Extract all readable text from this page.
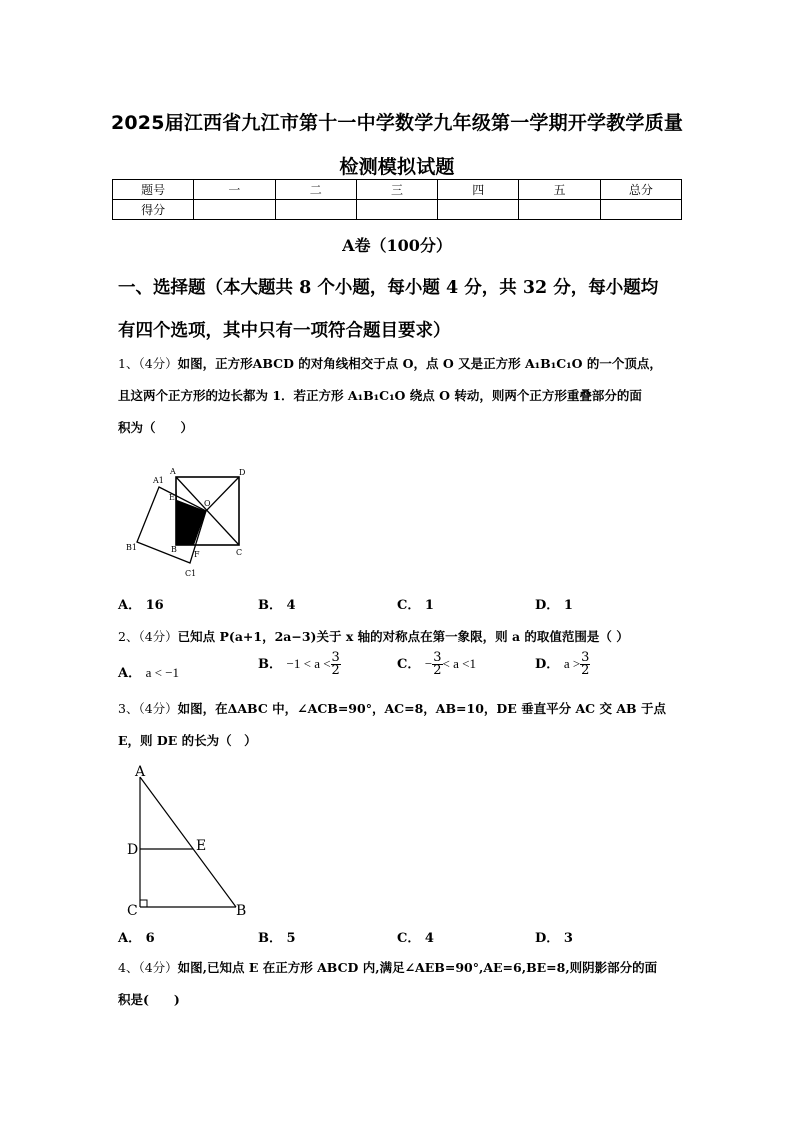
2025届江西省九江市第十一中学数学九年级第一学期开学教学质量
检测模拟试题
题号	一	二	三	四	五	总分
得分						
A卷（100分）
一、选择题（本大题共 8 个小题，每小题 4 分，共 32 分，每小题均
有四个选项，其中只有一项符合题目要求）
1、（4分）如图，正方形ABCD 的对角线相交于点 O，点 O 又是正方形 A₁B₁C₁O 的一个顶点，
且这两个正方形的边长都为 1．若正方形 A₁B₁C₁O 绕点 O 转动，则两个正方形重叠部分的面
积为（　　）
A	D
A1
E
O
B1	B
F	C
C1
A． 16	B． 4	C． 1	D． 1
2、（4分）已知点 P(a+1，2a−3)关于 x 轴的对称点在第一象限，则 a 的取值范围是（ ）
A． a < −1
B． $-1 < a < \frac{3}{2}$	C． − $\frac{3}{2} < a <1$	D． $a > \frac{3}{2}$
3、（4分）如图，在ΔABC 中，∠ACB=90°，AC=8，AB=10，DE 垂直平分 AC 交 AB 于点
E，则 DE 的长为（　）
A
D	E
C	B
A． 6	B． 5	C． 4	D． 3
4、（4分）如图,已知点 E 在正方形 ABCD 内,满足∠AEB=90°,AE=6,BE=8,则阴影部分的面
积是(　　)
